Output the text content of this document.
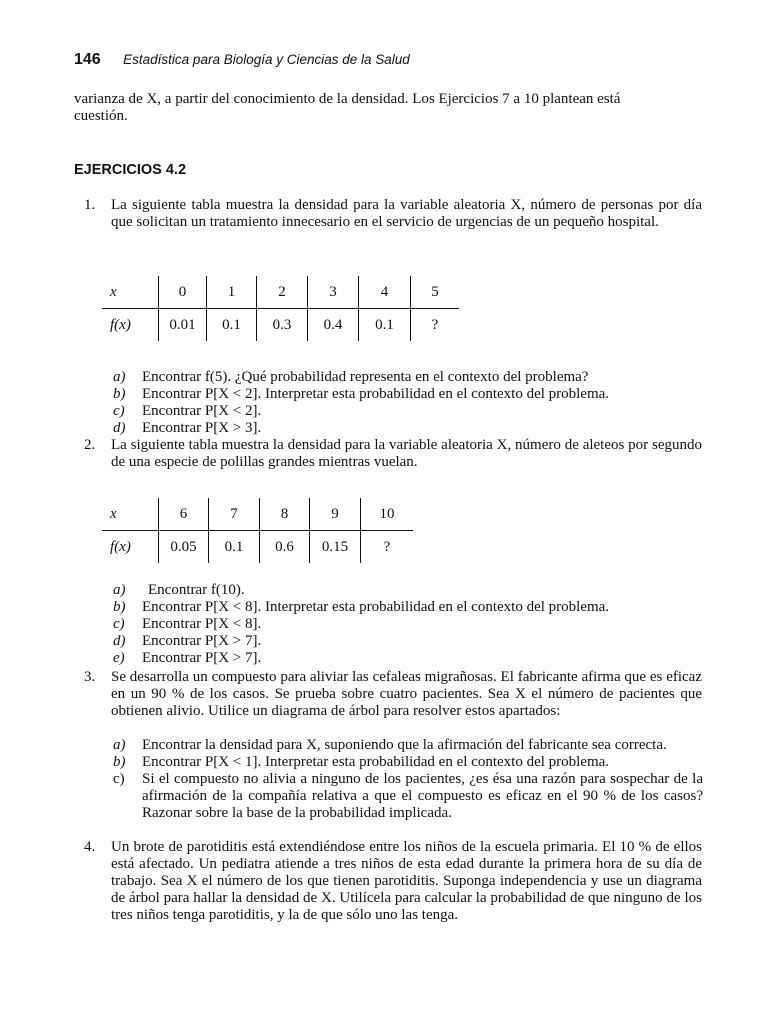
146 Estadística para Biología y Ciencias de la Salud
varianza de X, a partir del conocimiento de la densidad. Los Ejercicios 7 a 10 plantean está
cuestión.
EJERCICIOS 4.2
1. La siguiente tabla muestra la densidad para la variable aleatoria X, número de personas por día que solicitan un tratamiento innecesario en el servicio de urgencias de un pequeño hospital.
x	0	1	2	3	4	5
f(x)	0.01	0.1	0.3	0.4	0.1	?
a) Encontrar f(5). ¿Qué probabilidad representa en el contexto del problema?
b) Encontrar P[X < 2]. Interpretar esta probabilidad en el contexto del problema.
c) Encontrar P[X < 2].
d) Encontrar P[X > 3].
2. La siguiente tabla muestra la densidad para la variable aleatoria X, número de aleteos por segundo de una especie de polillas grandes mientras vuelan.
x	6	7	8	9	10
f(x)	0.05	0.1	0.6	0.15	?
a) Encontrar f(10).
b) Encontrar P[X < 8]. Interpretar esta probabilidad en el contexto del problema.
c) Encontrar P[X < 8].
d) Encontrar P[X > 7].
e) Encontrar P[X > 7].
3. Se desarrolla un compuesto para aliviar las cefaleas migrañosas. El fabricante afirma que es eficaz en un 90 % de los casos. Se prueba sobre cuatro pacientes. Sea X el número de pacientes que obtienen alivio. Utilice un diagrama de árbol para resolver estos apartados:
a)	Encontrar la densidad para X, suponiendo que la afirmación del fabricante sea correcta.
b)	Encontrar P[X < 1]. Interpretar esta probabilidad en el contexto del problema.
c)	Si el compuesto no alivia a ninguno de los pacientes, ¿es ésa una razón para sospechar de la afirmación de la compañía relativa a que el compuesto es eficaz en el 90 % de los casos? Razonar sobre la base de la probabilidad implicada.
4. Un brote de parotiditis está extendiéndose entre los niños de la escuela primaria. El 10 % de ellos está afectado. Un pediatra atiende a tres niños de esta edad durante la primera hora de su día de trabajo. Sea X el número de los que tienen parotiditis. Suponga independencia y use un diagrama de árbol para hallar la densidad de X. Utilícela para calcular la probabilidad de que ninguno de los tres niños tenga parotiditis, y la de que sólo uno las tenga.
